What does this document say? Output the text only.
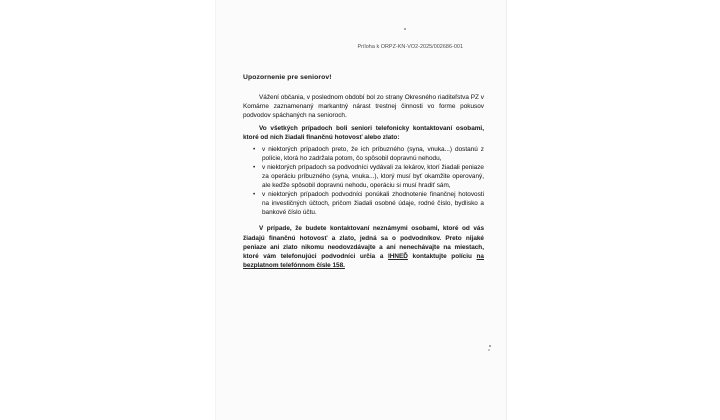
Príloha k ORPZ-KN-VO2-2025/002686-001
Upozornenie pre seniorov!

Vážení občania, v poslednom období bol zo strany Okresného riaditeľstva PZ v Komárne zaznamenaný markantný nárast trestnej činnosti vo forme pokusov podvodov spáchaných na senioroch.

Vo všetkých prípadoch boli seniori telefonicky kontaktovaní osobami, ktoré od nich žiadali finančnú hotovosť alebo zlato:

• v niektorých prípadoch preto, že ich príbuzného (syna, vnuka...) dostanú z polície, ktorá ho zadržala potom, čo spôsobil dopravnú nehodu,
• v niektorých prípadoch sa podvodníci vydávali za lekárov, ktorí žiadali peniaze za operáciu príbuzného (syna, vnuka...), ktorý musí byť okamžite operovaný, ale keďže spôsobil dopravnú nehodu, operáciu si musí hradiť sám,
• v niektorých prípadoch podvodníci ponúkali zhodnotenie finančnej hotovosti na investičných účtoch, pričom žiadali osobné údaje, rodné číslo, bydlisko a bankové číslo účtu.

V prípade, že budete kontaktovaní neznámymi osobami, ktoré od vás žiadajú finančnú hotovosť a zlato, jedná sa o podvodníkov. Preto nijaké peniaze ani zlato nikomu neodovzdávajte a ani nenechávajte na miestach, ktoré vám telefonujúci podvodníci určia a IHNEĎ kontaktujte políciu na bezplatnom telefónnom čísle 158.
